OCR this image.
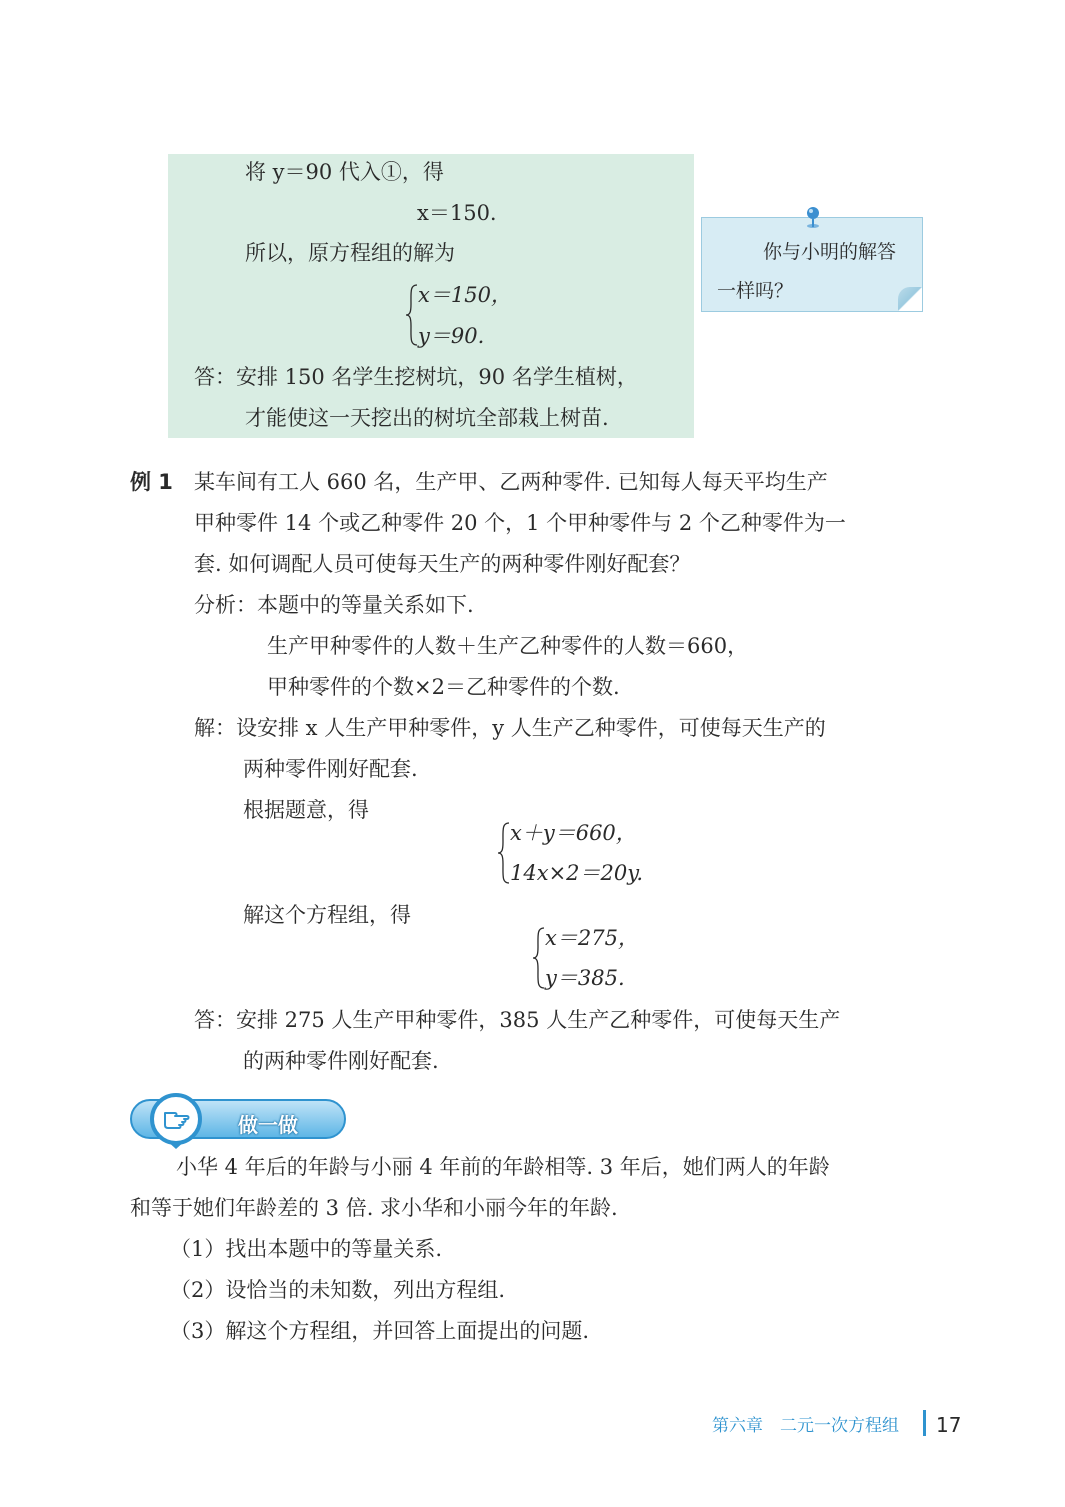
将 y＝90 代入①，得
x＝150.
所以，原方程组的解为
x＝150，
y＝90.
答：安排 150 名学生挖树坑，90 名学生植树，
才能使这一天挖出的树坑全部栽上树苗.
你与小明的解答
一样吗？
例 1 某车间有工人 660 名，生产甲、乙两种零件. 已知每人每天平均生产
甲种零件 14 个或乙种零件 20 个，1 个甲种零件与 2 个乙种零件为一
套. 如何调配人员可使每天生产的两种零件刚好配套？
分析：本题中的等量关系如下.
生产甲种零件的人数＋生产乙种零件的人数＝660，
甲种零件的个数×2＝乙种零件的个数.
解：设安排 x 人生产甲种零件，y 人生产乙种零件，可使每天生产的
两种零件刚好配套.
根据题意，得
x＋y＝660，
14x×2＝20y.
解这个方程组，得
x＝275，
y＝385.
答：安排 275 人生产甲种零件，385 人生产乙种零件，可使每天生产
的两种零件刚好配套.
做一做
小华 4 年后的年龄与小丽 4 年前的年龄相等. 3 年后，她们两人的年龄
和等于她们年龄差的 3 倍. 求小华和小丽今年的年龄.
（1）找出本题中的等量关系.
（2）设恰当的未知数，列出方程组.
（3）解这个方程组，并回答上面提出的问题.
第六章　二元一次方程组 17
